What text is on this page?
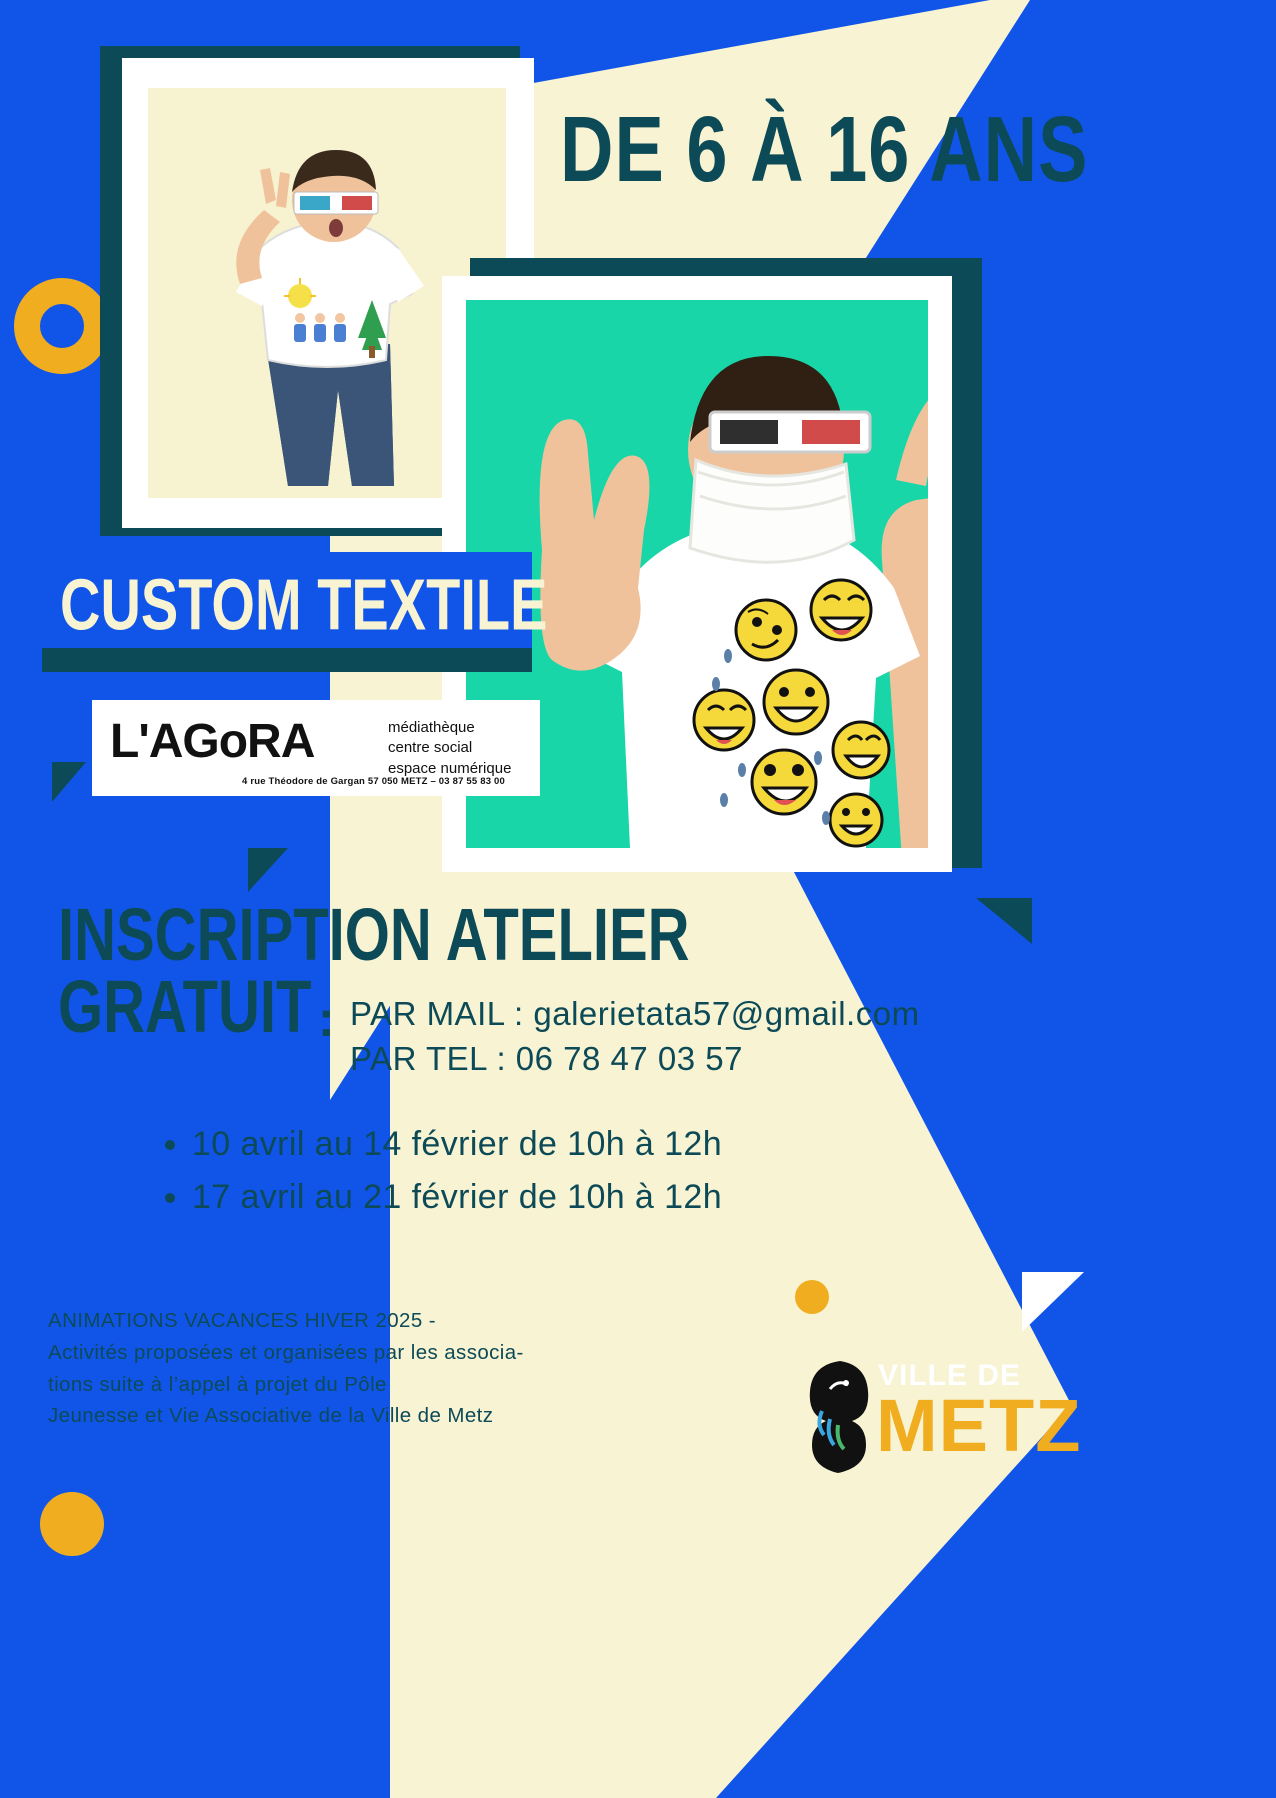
DE 6 À 16 ANS
CUSTOM TEXTILE
L'AGoRA	médiathèque
centre social
espace numérique
4 rue Théodore de Gargan 57 050 METZ – 03 87 55 83 00
INSCRIPTION ATELIER
GRATUIT : PAR MAIL : galerietata57@gmail.com
PAR TEL : 06 78 47 03 57
• 10 avril au 14 février de 10h à 12h
• 17 avril au 21 février de 10h à 12h
ANIMATIONS VACANCES HIVER 2025 -
Activités proposées et organisées par les associa-
tions suite à l’appel à projet du Pôle
Jeunesse et Vie Associative de la Ville de Metz
VILLE DE
METZ
